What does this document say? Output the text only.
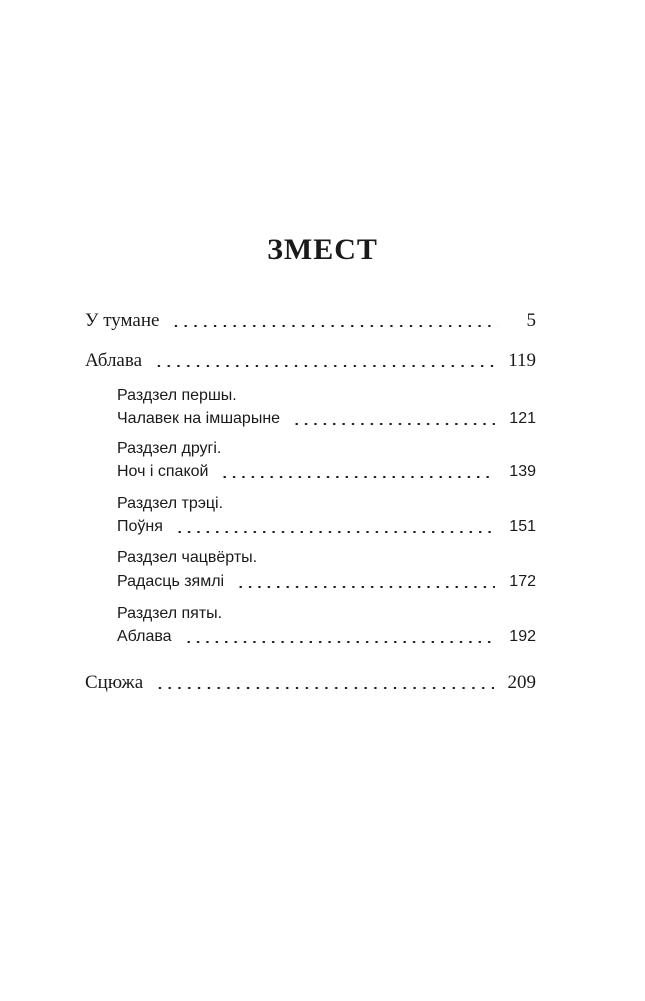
ЗМЕСТ
У тумане	5
Аблава	119
Раздзел першы.
Чалавек на імшарыне	121
Раздзел другі.
Ноч і спакой	139
Раздзел трэці.
Поўня	151
Раздзел чацвёрты.
Радасць зямлі	172
Раздзел пяты.
Аблава	192
Сцюжа	209
